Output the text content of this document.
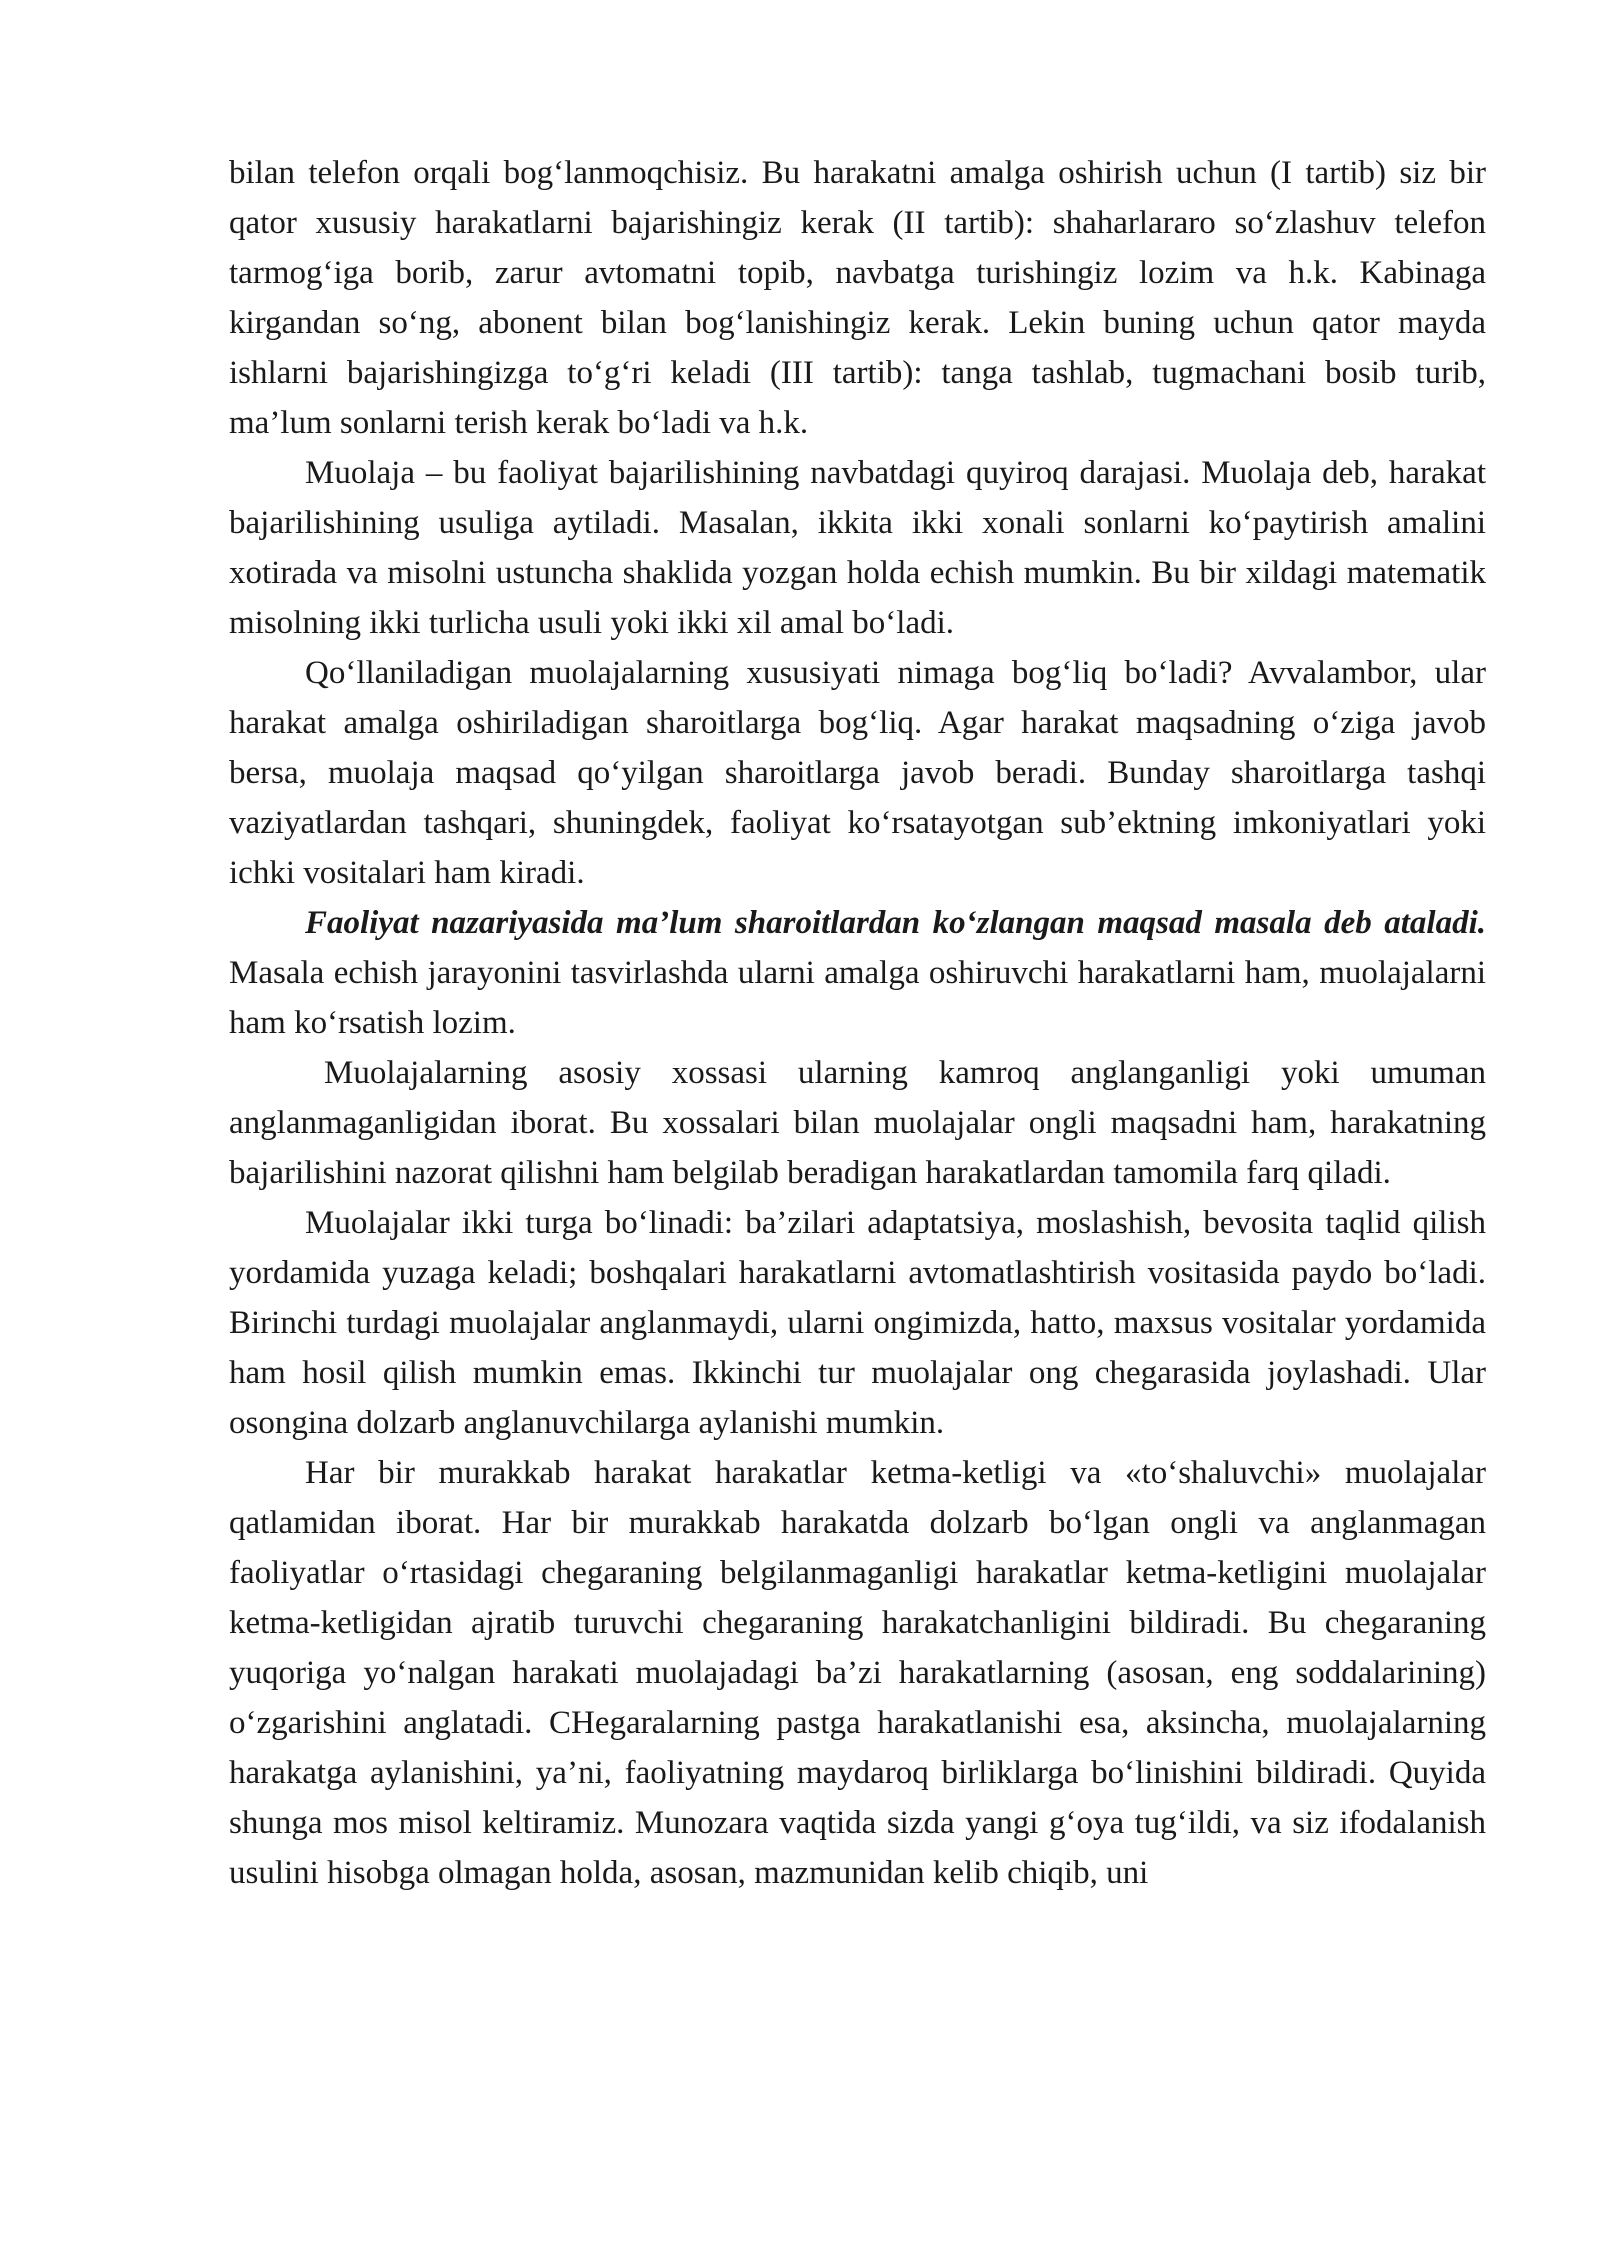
bilan telefon orqali bog‘lanmoqchisiz. Bu harakatni amalga oshirish uchun (I tartib) siz bir qator xususiy harakatlarni bajarishingiz kerak (II tartib): shaharlararo so‘zlashuv telefon tarmog‘iga borib, zarur avtomatni topib, navbatga turishingiz lozim va h.k. Kabinaga kirgandan so‘ng, abonent bilan bog‘lanishingiz kerak. Lekin buning uchun qator mayda ishlarni bajarishingizga to‘g‘ri keladi (III tartib): tanga tashlab, tugmachani bosib turib, ma’lum sonlarni terish kerak bo‘ladi va h.k.

Muolaja – bu faoliyat bajarilishining navbatdagi quyiroq darajasi. Muolaja deb, harakat bajarilishining usuliga aytiladi. Masalan, ikkita ikki xonali sonlarni ko‘paytirish amalini xotirada va misolni ustuncha shaklida yozgan holda echish mumkin. Bu bir xildagi matematik misolning ikki turlicha usuli yoki ikki xil amal bo‘ladi.

Qo‘llaniladigan muolajalarning xususiyati nimaga bog‘liq bo‘ladi? Avvalambor, ular harakat amalga oshiriladigan sharoitlarga bog‘liq. Agar harakat maqsadning o‘ziga javob bersa, muolaja maqsad qo‘yilgan sharoitlarga javob beradi. Bunday sharoitlarga tashqi vaziyatlardan tashqari, shuningdek, faoliyat ko‘rsatayotgan sub’ektning imkoniyatlari yoki ichki vositalari ham kiradi.

Faoliyat nazariyasida ma’lum sharoitlardan ko‘zlangan maqsad masala deb ataladi. Masala echish jarayonini tasvirlashda ularni amalga oshiruvchi harakatlarni ham, muolajalarni ham ko‘rsatish lozim.

Muolajalarning asosiy xossasi ularning kamroq anglanganligi yoki umuman anglanmaganligidan iborat. Bu xossalari bilan muolajalar ongli maqsadni ham, harakatning bajarilishini nazorat qilishni ham belgilab beradigan harakatlardan tamomila farq qiladi.

Muolajalar ikki turga bo‘linadi: ba’zilari adaptatsiya, moslashish, bevosita taqlid qilish yordamida yuzaga keladi; boshqalari harakatlarni avtomatlashtirish vositasida paydo bo‘ladi. Birinchi turdagi muolajalar anglanmaydi, ularni ongimizda, hatto, maxsus vositalar yordamida ham hosil qilish mumkin emas. Ikkinchi tur muolajalar ong chegarasida joylashadi. Ular osongina dolzarb anglanuvchilarga aylanishi mumkin.

Har bir murakkab harakat harakatlar ketma-ketligi va «to‘shaluvchi» muolajalar qatlamidan iborat. Har bir murakkab harakatda dolzarb bo‘lgan ongli va anglanmagan faoliyatlar o‘rtasidagi chegaraning belgilanmaganligi harakatlar ketma-ketligini muolajalar ketma-ketligidan ajratib turuvchi chegaraning harakatchanligini bildiradi. Bu chegaraning yuqoriga yo‘nalgan harakati muolajadagi ba’zi harakatlarning (asosan, eng soddalarining) o‘zgarishini anglatadi. CHegaralarning pastga harakatlanishi esa, aksincha, muolajalarning harakatga aylanishini, ya’ni, faoliyatning maydaroq birliklarga bo‘linishini bildiradi. Quyida shunga mos misol keltiramiz. Munozara vaqtida sizda yangi g‘oya tug‘ildi, va siz ifodalanish usulini hisobga olmagan holda, asosan, mazmunidan kelib chiqib, uni
